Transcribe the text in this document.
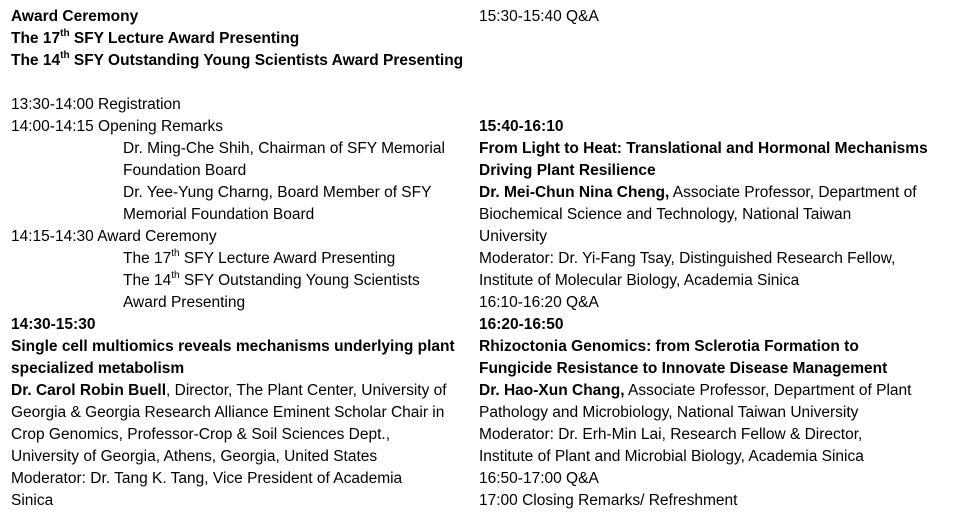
Award Ceremony
The 17th SFY Lecture Award Presenting
The 14th SFY Outstanding Young Scientists Award Presenting
13:30-14:00 Registration
14:00-14:15 Opening Remarks
Dr. Ming-Che Shih, Chairman of SFY Memorial
Foundation Board
Dr. Yee-Yung Charng, Board Member of SFY
Memorial Foundation Board
14:15-14:30 Award Ceremony
The 17th SFY Lecture Award Presenting
The 14th SFY Outstanding Young Scientists
Award Presenting
14:30-15:30
Single cell multiomics reveals mechanisms underlying plant
specialized metabolism
Dr. Carol Robin Buell, Director, The Plant Center, University of
Georgia & Georgia Research Alliance Eminent Scholar Chair in
Crop Genomics, Professor-Crop & Soil Sciences Dept.,
University of Georgia, Athens, Georgia, United States
Moderator: Dr. Tang K. Tang, Vice President of Academia
Sinica
15:30-15:40 Q&A
15:40-16:10
From Light to Heat: Translational and Hormonal Mechanisms
Driving Plant Resilience
Dr. Mei-Chun Nina Cheng, Associate Professor, Department of
Biochemical Science and Technology, National Taiwan
University
Moderator: Dr. Yi-Fang Tsay, Distinguished Research Fellow,
Institute of Molecular Biology, Academia Sinica
16:10-16:20 Q&A
16:20-16:50
Rhizoctonia Genomics: from Sclerotia Formation to
Fungicide Resistance to Innovate Disease Management
Dr. Hao-Xun Chang, Associate Professor, Department of Plant
Pathology and Microbiology, National Taiwan University
Moderator: Dr. Erh-Min Lai, Research Fellow & Director,
Institute of Plant and Microbial Biology, Academia Sinica
16:50-17:00 Q&A
17:00 Closing Remarks/ Refreshment
